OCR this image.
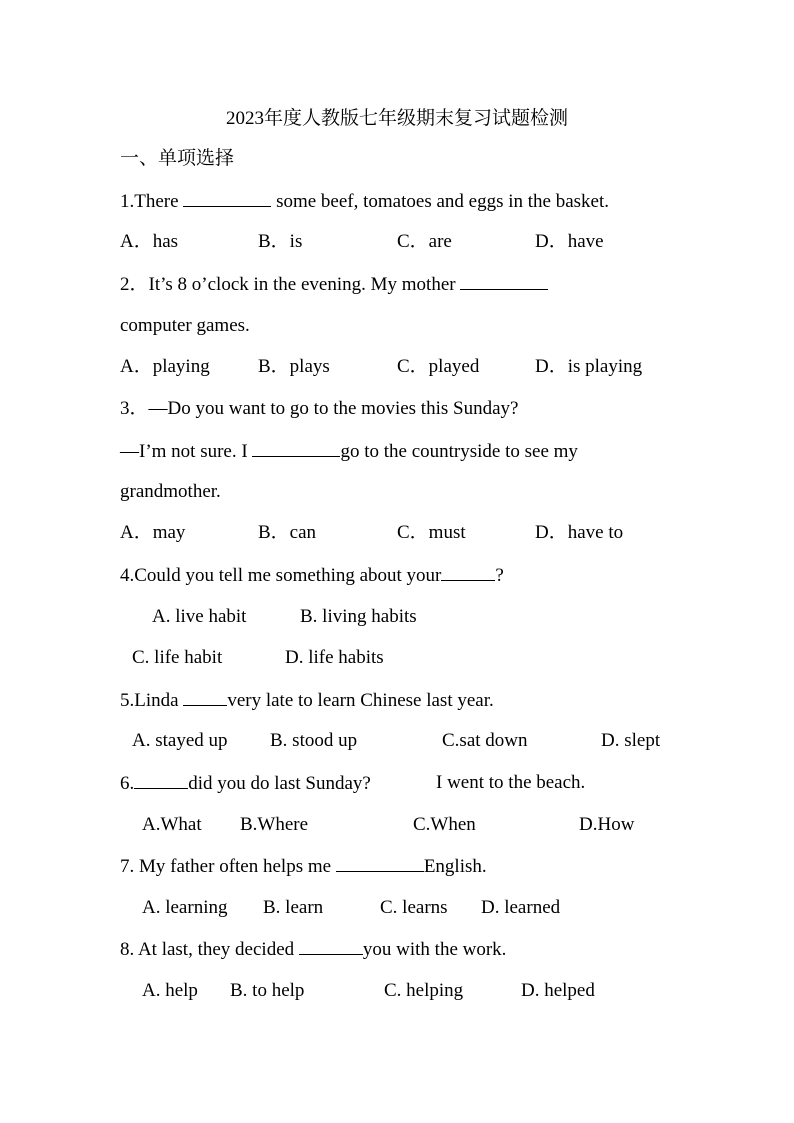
2023年度人教版七年级期末复习试题检测
一、单项选择
1.There	some beef, tomatoes and eggs in the basket.
A．has	B．is	C．are	D．have
2．It’s 8 o’clock in the evening. My mother
computer games.
A．playing	B．plays	C．played	D．is playing
3．—Do you want to go to the movies this Sunday?
—I’m not sure. I	go to the countryside to see my
grandmother.
A．may	B．can	C．must	D．have to
4.Could you tell me something about your	?
A. live habit	B. living habits
C. life habit	D. life habits
5.Linda very late to learn Chinese last year.
A. stayed up B. stood up	C.sat down	D. slept
6.	did you do last Sunday?	I went to the beach.
A.What B.Where	C.When	D.How
7. My father often helps me	English.
A. learning B. learn	C. learns D. learned
8. At last, they decided	you with the work.
A. help B. to help	C. helping	D. helped
